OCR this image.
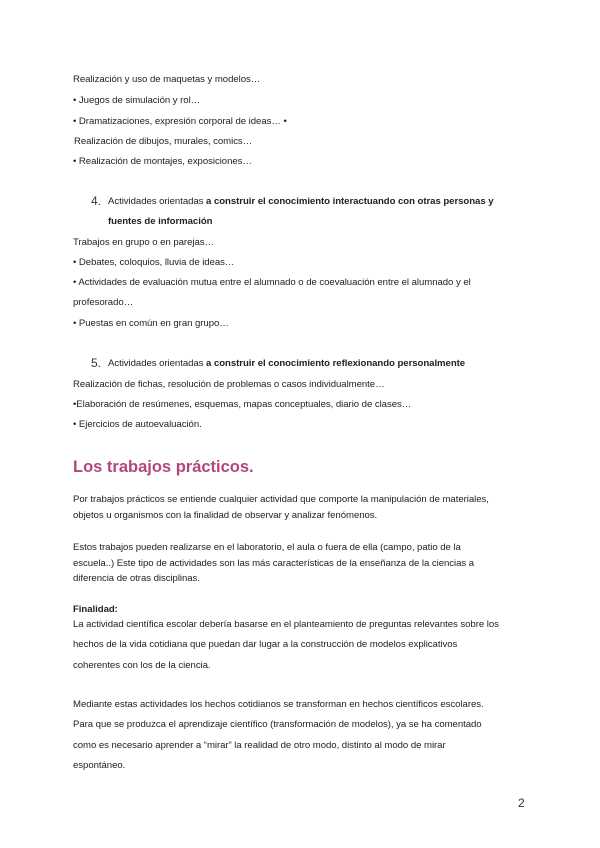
Realización y uso de maquetas y modelos…
• Juegos de simulación y rol…
• Dramatizaciones, expresión corporal de ideas… •
Realización de dibujos, murales, comics…
• Realización de montajes, exposiciones…
4. Actividades orientadas a construir el conocimiento interactuando con otras personas y
fuentes de información
Trabajos en grupo o en parejas…
• Debates, coloquios, lluvia de ideas…
• Actividades de evaluación mutua entre el alumnado o de coevaluación entre el alumnado y el
profesorado…
• Puestas en común en gran grupo…
5. Actividades orientadas a construir el conocimiento reflexionando personalmente
Realización de fichas, resolución de problemas o casos individualmente…
•Elaboración de resúmenes, esquemas, mapas conceptuales, diario de clases…
• Ejercicios de autoevaluación.
Los trabajos prácticos.
Por trabajos prácticos se entiende cualquier actividad que comporte la manipulación de materiales,
objetos u organismos con la finalidad de observar y analizar fenómenos.
Estos trabajos pueden realizarse en el laboratorio, el aula o fuera de ella (campo, patio de la
escuela..) Este tipo de actividades son las más características de la enseñanza de la ciencias a
diferencia de otras disciplinas.
Finalidad:
La actividad científica escolar debería basarse en el planteamiento de preguntas relevantes sobre los
hechos de la vida cotidiana que puedan dar lugar a la construcción de modelos explicativos
coherentes con los de la ciencia.
Mediante estas actividades los hechos cotidianos se transforman en hechos científicos escolares.
Para que se produzca el aprendizaje científico (transformación de modelos), ya se ha comentado
como es necesario aprender a “mirar” la realidad de otro modo, distinto al modo de mirar
espontáneo.
2
